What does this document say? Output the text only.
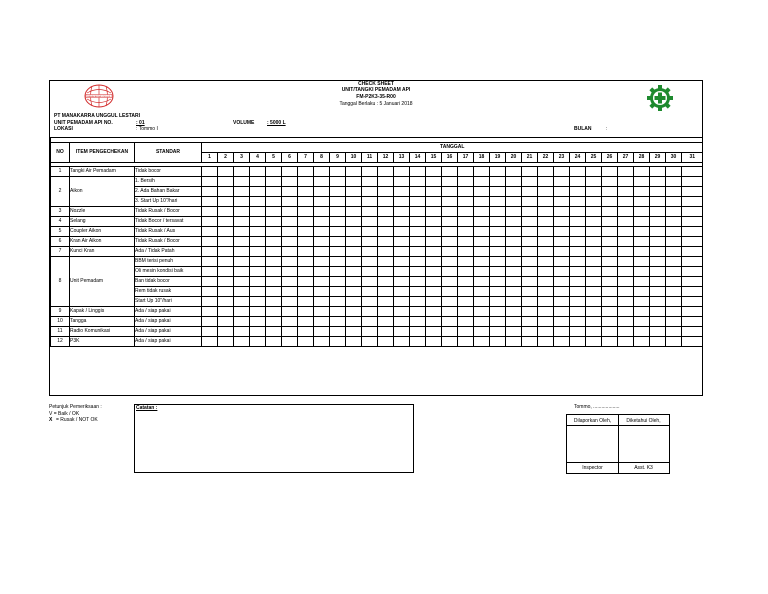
MANAKARRA UNGGUL
CHECK SHEET
UNIT/TANGKI PEMADAM API
FM-P2K3-35-R00
Tanggal Berlaku : 5 Januari 2018
PT MANAKARRA UNGGUL LESTARI
UNIT PEMADAM API NO.	: 01
LOKASI	: Tommo I
VOLUME	: 5000 L
BULAN	:

NO	ITEM PENGECHEKAN	STANDAR	TANGGAL																														
			1	2	3	4	5	6	7	8	9	10	11	12	13	14	15	16	17	18	19	20	21	22	23	24	25	26	27	28	29	30	31

1	Tangki Air Pemadam	Tidak bocor																															
2	Aikon	1. Bersih																															
		2. Ada Bahan Bakar																															
		3. Start Up 10"/hari																															
3	Nozzle	Tidak Rusak / Bocor																															
4	Selang	Tidak Bocor / tersavat																															
5	Coupler Aikon	Tidak Rusak / Aus																															
6	Kran Air Aikon	Tidak Rusak / Bocor																															
7	Kunci Kran	Ada / Tidak Patah																															
8	Unit Pemadam	BBM terisi penuh																															
		Oli mesin kondisi baik																															
		Ban tidak bocor																															
		Rem tidak rusak																															
		Start Up 10"/hari																															
9	Kapak / Linggis	Ada / siap pakai																															
10	Tangga	Ada / siap pakai																															
11	Radio Komunikasi	Ada / siap pakai																															
12	P3K	Ada / siap pakai																															
Petunjuk Pemeriksaan :
V = Baik / OK
X = Rusak / NOT OK
Catatan :	Tommo, ...................
Dilaporkan Oleh,	Diketahui Oleh,
Inspector	Asst. K3
